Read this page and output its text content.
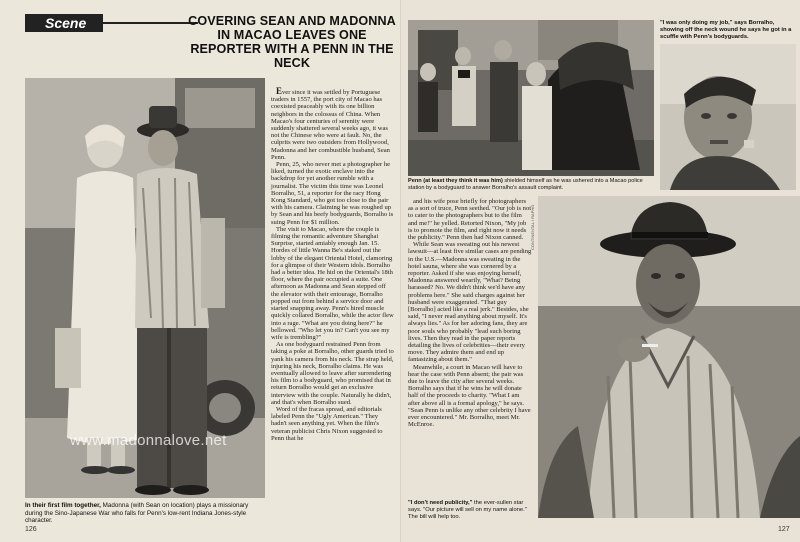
Scene	COVERING SEAN AND MADONNA IN MACAO LEAVES ONE REPORTER WITH A PENN IN THE NECK
www.madonnalove.net
In their first film together, Madonna (with Sean on location) plays a missionary during the Sino-Japanese War who falls for Penn's low-rent Indiana Jones-style character.

Ever since it was settled by Portuguese traders in 1557, the port city of Macao has coexisted peaceably with its one billion neighbors in the colossus of China. When Macao's four centuries of serenity were suddenly shattered several weeks ago, it was not the Chinese who were at fault. No, the culprits were two outsiders from Hollywood, Madonna and her combustible husband, Sean Penn.

Penn, 25, who never met a photographer he liked, turned the exotic enclave into the backdrop for yet another rumble with a journalist. The victim this time was Leonel Borralho, 51, a reporter for the racy Hong Kong Standard, who got too close to the pair with his camera. Claiming he was roughed up by Sean and his beefy bodyguards, Borralho is suing Penn for $1 million.

The visit to Macao, where the couple is filming the romantic adventure Shanghai Surprise, started amiably enough Jan. 15. Hordes of little Wanna Be's staked out the lobby of the elegant Oriental Hotel, clamoring for a glimpse of their Western idols. Borralho had a better idea. He hid on the Oriental's 18th floor, where the pair occupied a suite. One afternoon as Madonna and Sean stepped off the elevator with their entourage, Borralho popped out from behind a service door and started snapping away. Penn's hired muscle quickly collared Borralho, while the actor flew into a rage. "What are you doing here?" he bellowed. "Who let you in? Can't you see my wife is trembling?"

As one bodyguard restrained Penn from taking a poke at Borralho, other guards tried to yank his camera from his neck. The strap held, injuring his neck, Borralho claims. He was eventually allowed to leave after surrendering his film to a bodyguard, who promised that in return Borralho would get an exclusive interview with the couple. Naturally he didn't, and that's when Borralho sued.

Word of the fracas spread, and editorials labeled Penn the "Ugly American." They hadn't seen anything yet. When the film's veteran publicist Chris Nixon suggested to Penn that he

126
Penn (at least they think it was him) shielded himself as he was ushered into a Macao police station by a bodyguard to answer Borralho's assault complaint.
"I was only doing my job," says Borralho, showing off the neck wound he says he got in a scuffle with Penn's bodyguards.

and his wife pose briefly for photographers as a sort of truce, Penn seethed. "Our job is not to cater to the photographers but to the film and me!" he yelled. Retorted Nixon, "My job is to promote the film, and right now it needs the publicity." Penn then had Nixon canned.

While Sean was sweating out his newest lawsuit—at least five similar cases are pending in the U.S.—Madonna was sweating in the hotel sauna, where she was cornered by a reporter. Asked if she was enjoying herself, Madonna answered wearily, "What? Being harassed? No. We didn't think we'd have any problems here." She said charges against her husband were exaggerated. "That guy [Borralho] acted like a real jerk." Besides, she said, "I never read anything about myself. It's always lies." As for her adoring fans, they are poor souls who probably "lead such boring lives. Then they read in the paper reports detailing the lives of celebrities—their every move. They admire them and end up fantasizing about them."

Meanwhile, a court in Macao will have to hear the case with Penn absent; the pair was due to leave the city after several weeks. Borralho says that if he wins he will donate half of the proceeds to charity. "What I am after above all is a formal apology," he says. "Sean Penn is unlike any other celebrity I have ever encountered." Mr. Borralho, meet Mr. McEnroe.

CONTINENTAL / RAPHO
"I don't need publicity," the ever-sullen star says. "Our picture will sell on my name alone." The bill will help too.
127
